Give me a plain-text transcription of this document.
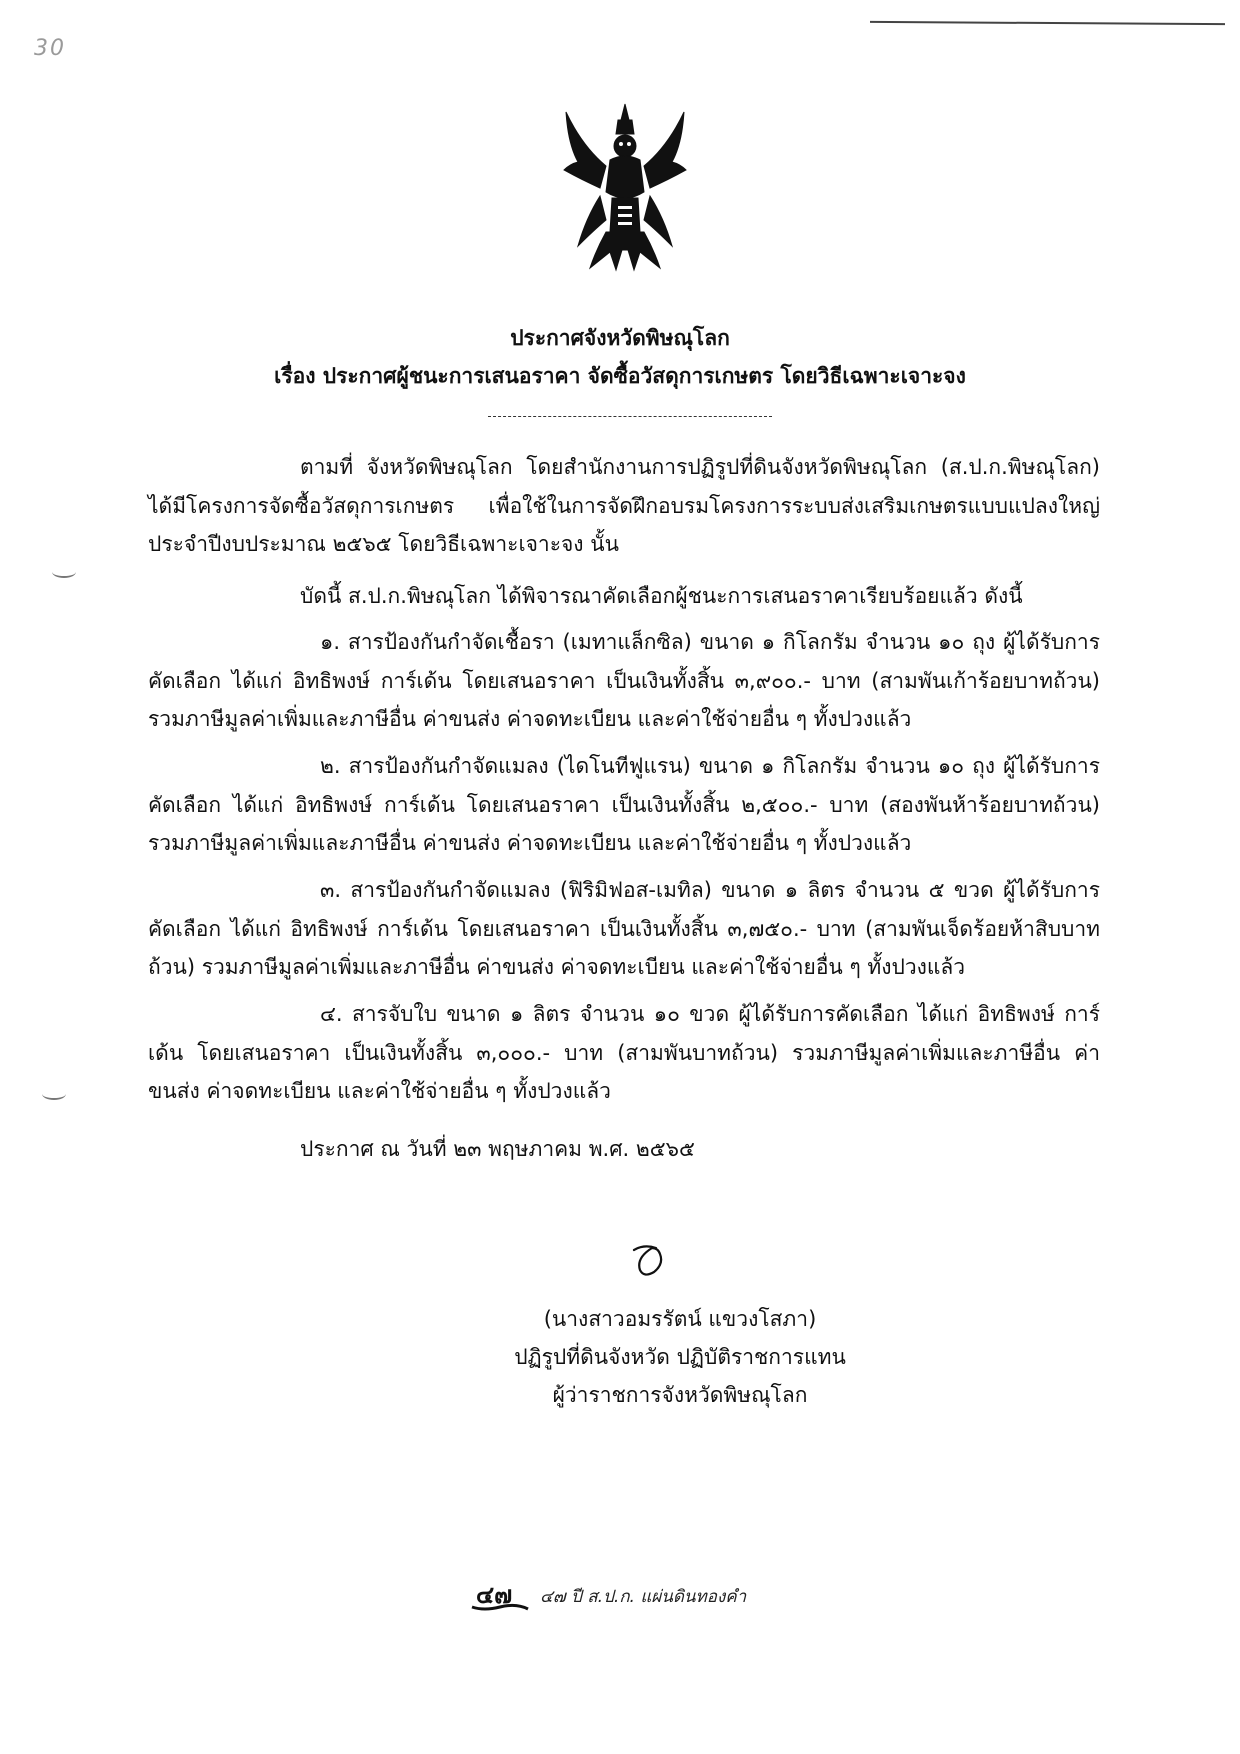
30
ประกาศจังหวัดพิษณุโลก
เรื่อง ประกาศผู้ชนะการเสนอราคา จัดซื้อวัสดุการเกษตร โดยวิธีเฉพาะเจาะจง

ตามที่ จังหวัดพิษณุโลก โดยสำนักงานการปฏิรูปที่ดินจังหวัดพิษณุโลก (ส.ป.ก.พิษณุโลก) ได้มีโครงการจัดซื้อวัสดุการเกษตร เพื่อใช้ในการจัดฝึกอบรมโครงการระบบส่งเสริมเกษตรแบบแปลงใหญ่ ประจำปีงบประมาณ ๒๕๖๕ โดยวิธีเฉพาะเจาะจง นั้น

บัดนี้ ส.ป.ก.พิษณุโลก ได้พิจารณาคัดเลือกผู้ชนะการเสนอราคาเรียบร้อยแล้ว ดังนี้

๑. สารป้องกันกำจัดเชื้อรา (เมทาแล็กซิล) ขนาด ๑ กิโลกรัม จำนวน ๑๐ ถุง ผู้ได้รับการคัดเลือก ได้แก่ อิทธิพงษ์ การ์เด้น โดยเสนอราคา เป็นเงินทั้งสิ้น ๓,๙๐๐.- บาท (สามพันเก้าร้อยบาทถ้วน) รวมภาษีมูลค่าเพิ่มและภาษีอื่น ค่าขนส่ง ค่าจดทะเบียน และค่าใช้จ่ายอื่น ๆ ทั้งปวงแล้ว

๒. สารป้องกันกำจัดแมลง (ไดโนทีฟูแรน) ขนาด ๑ กิโลกรัม จำนวน ๑๐ ถุง ผู้ได้รับการคัดเลือก ได้แก่ อิทธิพงษ์ การ์เด้น โดยเสนอราคา เป็นเงินทั้งสิ้น ๒,๕๐๐.- บาท (สองพันห้าร้อยบาทถ้วน) รวมภาษีมูลค่าเพิ่มและภาษีอื่น ค่าขนส่ง ค่าจดทะเบียน และค่าใช้จ่ายอื่น ๆ ทั้งปวงแล้ว

๓. สารป้องกันกำจัดแมลง (ฟิริมิฟอส-เมทิล) ขนาด ๑ ลิตร จำนวน ๕ ขวด ผู้ได้รับการคัดเลือก ได้แก่ อิทธิพงษ์ การ์เด้น โดยเสนอราคา เป็นเงินทั้งสิ้น ๓,๗๕๐.- บาท (สามพันเจ็ดร้อยห้าสิบบาทถ้วน) รวมภาษีมูลค่าเพิ่มและภาษีอื่น ค่าขนส่ง ค่าจดทะเบียน และค่าใช้จ่ายอื่น ๆ ทั้งปวงแล้ว

๔. สารจับใบ ขนาด ๑ ลิตร จำนวน ๑๐ ขวด ผู้ได้รับการคัดเลือก ได้แก่ อิทธิพงษ์ การ์เด้น โดยเสนอราคา เป็นเงินทั้งสิ้น ๓,๐๐๐.- บาท (สามพันบาทถ้วน) รวมภาษีมูลค่าเพิ่มและภาษีอื่น ค่าขนส่ง ค่าจดทะเบียน และค่าใช้จ่ายอื่น ๆ ทั้งปวงแล้ว

ประกาศ ณ วันที่ ๒๓ พฤษภาคม พ.ศ. ๒๕๖๕
(นางสาวอมรรัตน์ แขวงโสภา)
ปฏิรูปที่ดินจังหวัด ปฏิบัติราชการแทน
ผู้ว่าราชการจังหวัดพิษณุโลก
๔๗ ๔๗ ปี ส.ป.ก. แผ่นดินทองคำ
